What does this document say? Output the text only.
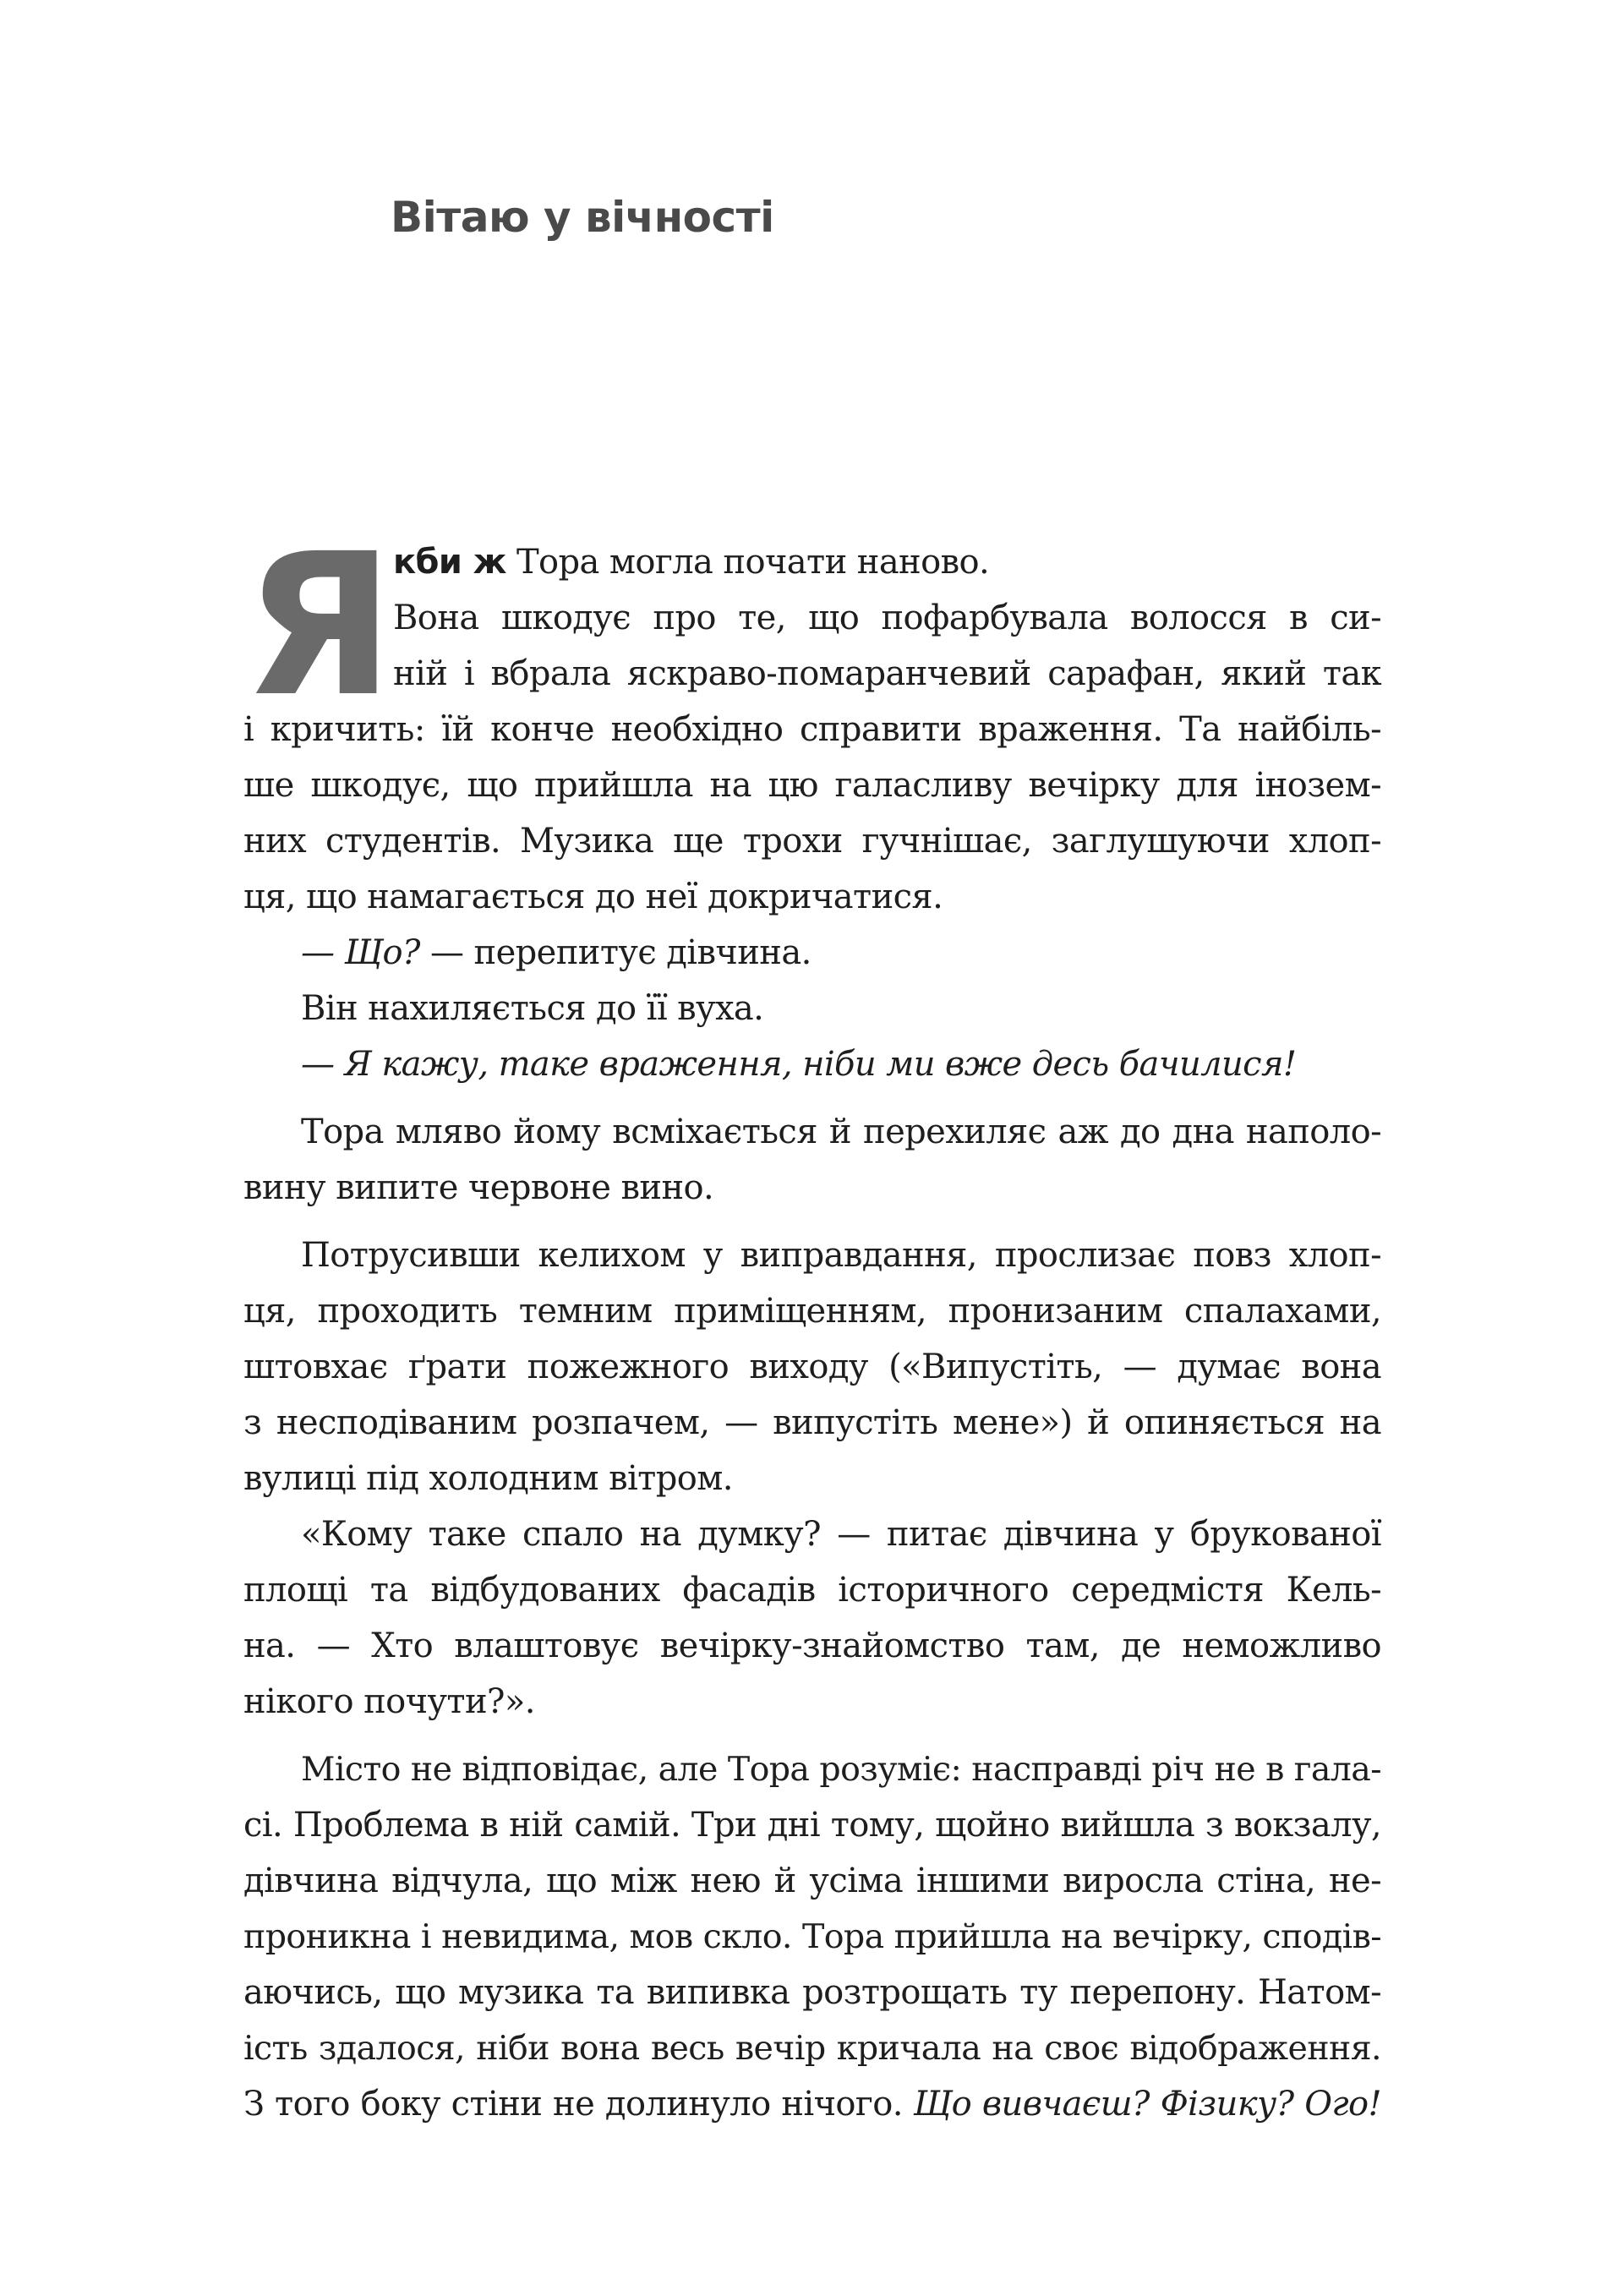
Вітаю у вічності
Я
кби ж Тора могла почати наново.
Вона шкодує про те, що пофарбувала волосся в си-
ній і вбрала яскраво-помаранчевий сарафан, який так
і кричить: їй конче необхідно справити враження. Та найбіль-
ше шкодує, що прийшла на цю галасливу вечірку для інозем-
них студентів. Музика ще трохи гучнішає, заглушуючи хлоп-
ця, що намагається до неї докричатися.
— Що? — перепитує дівчина.
Він нахиляється до її вуха.
— Я кажу, таке враження, ніби ми вже десь бачилися!
Тора мляво йому всміхається й перехиляє аж до дна наполо-
вину випите червоне вино.
Потрусивши келихом у виправдання, прослизає повз хлоп-
ця, проходить темним приміщенням, пронизаним спалахами,
штовхає ґрати пожежного виходу («Випустіть, — думає вона
з несподіваним розпачем, — випустіть мене») й опиняється на
вулиці під холодним вітром.
«Кому таке спало на думку? — питає дівчина у брукованої
площі та відбудованих фасадів історичного середмістя Кель-
на. — Хто влаштовує вечірку-знайомство там, де неможливо
нікого почути?».
Місто не відповідає, але Тора розуміє: насправді річ не в гала-
сі. Проблема в ній самій. Три дні тому, щойно вийшла з вокзалу,
дівчина відчула, що між нею й усіма іншими виросла стіна, не-
проникна і невидима, мов скло. Тора прийшла на вечірку, сподів-
аючись, що музика та випивка розтрощать ту перепону. Натом-
ість здалося, ніби вона весь вечір кричала на своє відображення.
З того боку стіни не долинуло нічого. Що вивчаєш? Фізику? Ого!
